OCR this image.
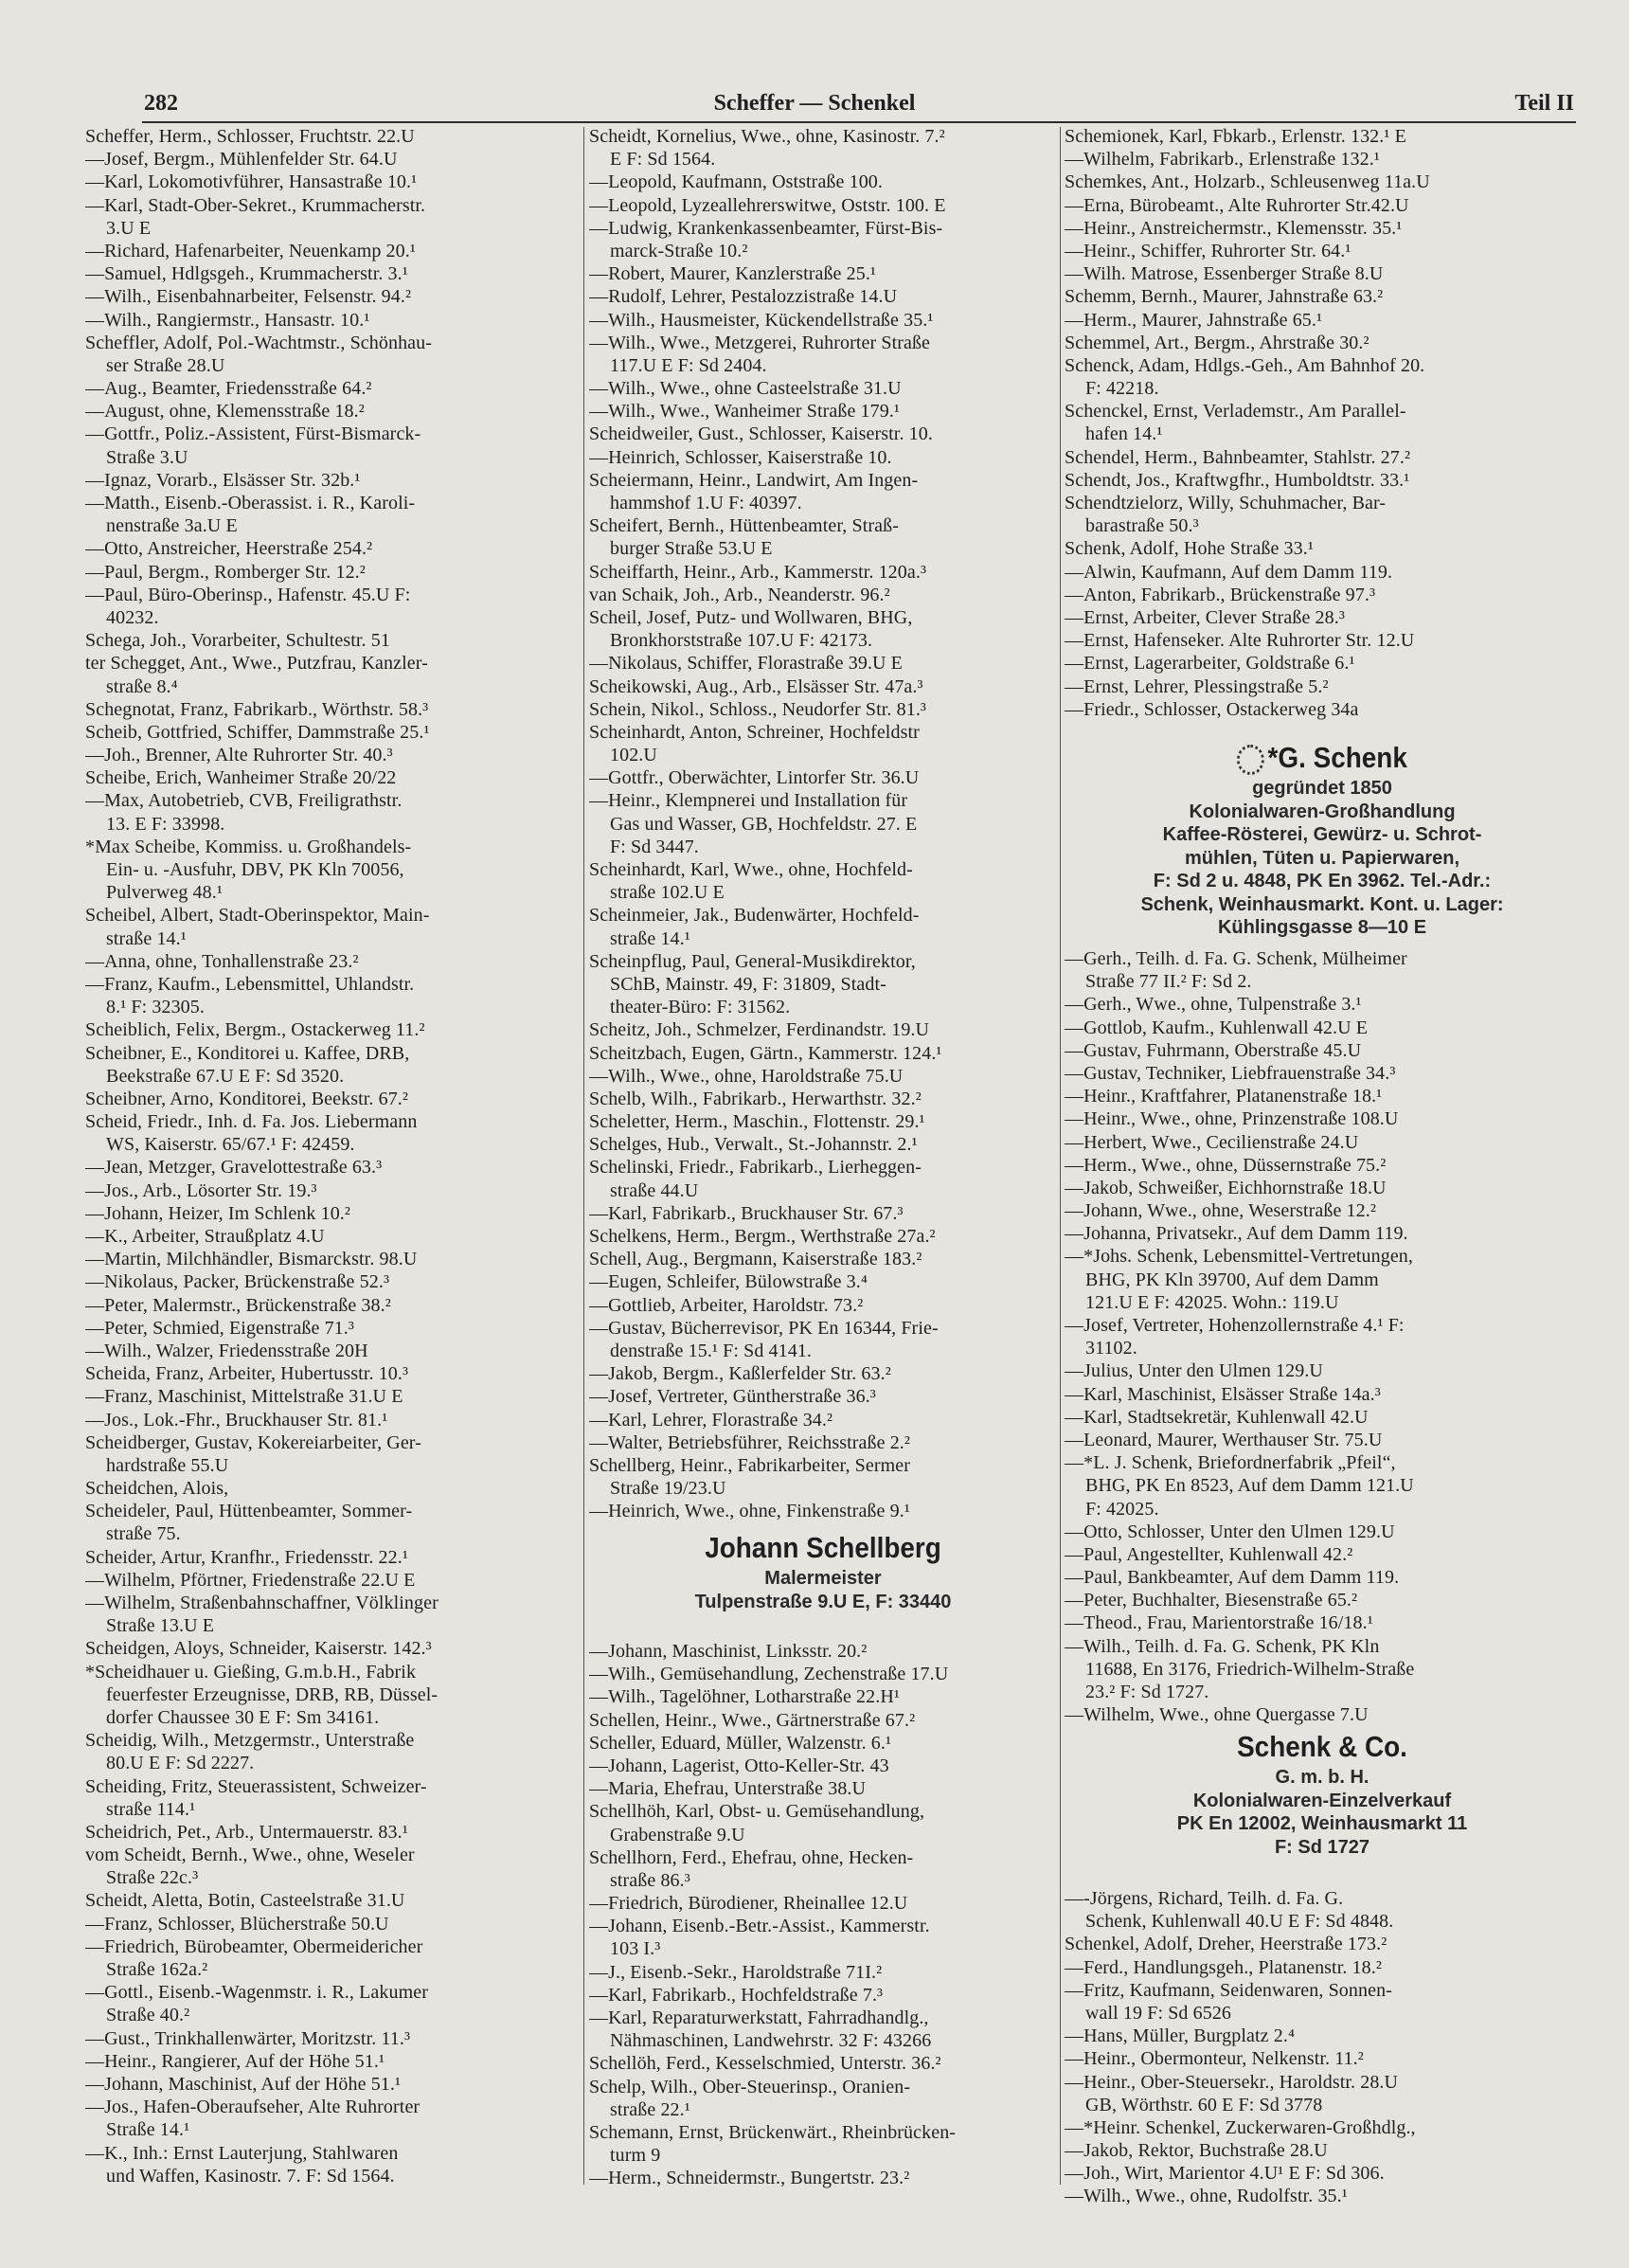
282	Scheffer — Schenkel	Teil II
Scheffer, Herm., Schlosser, Fruchtstr. 22.U
—Josef, Bergm., Mühlenfelder Str. 64.U
—Karl, Lokomotivführer, Hansastraße 10.¹
—Karl, Stadt-Ober-Sekret., Krummacherstr.
3.U E
—Richard, Hafenarbeiter, Neuenkamp 20.¹
—Samuel, Hdlgsgeh., Krummacherstr. 3.¹
—Wilh., Eisenbahnarbeiter, Felsenstr. 94.²
—Wilh., Rangiermstr., Hansastr. 10.¹
Scheffler, Adolf, Pol.-Wachtmstr., Schönhau-
ser Straße 28.U
—Aug., Beamter, Friedensstraße 64.²
—August, ohne, Klemensstraße 18.²
—Gottfr., Poliz.-Assistent, Fürst-Bismarck-
Straße 3.U
—Ignaz, Vorarb., Elsässer Str. 32b.¹
—Matth., Eisenb.-Oberassist. i. R., Karoli-
nenstraße 3a.U E
—Otto, Anstreicher, Heerstraße 254.²
—Paul, Bergm., Romberger Str. 12.²
—Paul, Büro-Oberinsp., Hafenstr. 45.U F:
40232.
Schega, Joh., Vorarbeiter, Schultestr. 51
ter Schegget, Ant., Wwe., Putzfrau, Kanzler-
straße 8.⁴
Schegnotat, Franz, Fabrikarb., Wörthstr. 58.³
Scheib, Gottfried, Schiffer, Dammstraße 25.¹
—Joh., Brenner, Alte Ruhrorter Str. 40.³
Scheibe, Erich, Wanheimer Straße 20/22
—Max, Autobetrieb, CVB, Freiligrathstr.
13. E F: 33998.
*Max Scheibe, Kommiss. u. Großhandels-
Ein- u. -Ausfuhr, DBV, PK Kln 70056,
Pulverweg 48.¹
Scheibel, Albert, Stadt-Oberinspektor, Main-
straße 14.¹
—Anna, ohne, Tonhallenstraße 23.²
—Franz, Kaufm., Lebensmittel, Uhlandstr.
8.¹ F: 32305.
Scheiblich, Felix, Bergm., Ostackerweg 11.²
Scheibner, E., Konditorei u. Kaffee, DRB,
Beekstraße 67.U E F: Sd 3520.
Scheibner, Arno, Konditorei, Beekstr. 67.²
Scheid, Friedr., Inh. d. Fa. Jos. Liebermann
WS, Kaiserstr. 65/67.¹ F: 42459.
—Jean, Metzger, Gravelottestraße 63.³
—Jos., Arb., Lösorter Str. 19.³
—Johann, Heizer, Im Schlenk 10.²
—K., Arbeiter, Straußplatz 4.U
—Martin, Milchhändler, Bismarckstr. 98.U
—Nikolaus, Packer, Brückenstraße 52.³
—Peter, Malermstr., Brückenstraße 38.²
—Peter, Schmied, Eigenstraße 71.³
—Wilh., Walzer, Friedensstraße 20H
Scheida, Franz, Arbeiter, Hubertusstr. 10.³
—Franz, Maschinist, Mittelstraße 31.U E
—Jos., Lok.-Fhr., Bruckhauser Str. 81.¹
Scheidberger, Gustav, Kokereiarbeiter, Ger-
hardstraße 55.U
Scheidchen, Alois,
Scheideler, Paul, Hüttenbeamter, Sommer-
straße 75.
Scheider, Artur, Kranfhr., Friedensstr. 22.¹
—Wilhelm, Pförtner, Friedenstraße 22.U E
—Wilhelm, Straßenbahnschaffner, Völklinger
Straße 13.U E
Scheidgen, Aloys, Schneider, Kaiserstr. 142.³
*Scheidhauer u. Gießing, G.m.b.H., Fabrik
feuerfester Erzeugnisse, DRB, RB, Düssel-
dorfer Chaussee 30 E F: Sm 34161.
Scheidig, Wilh., Metzgermstr., Unterstraße
80.U E F: Sd 2227.
Scheiding, Fritz, Steuerassistent, Schweizer-
straße 114.¹
Scheidrich, Pet., Arb., Untermauerstr. 83.¹
vom Scheidt, Bernh., Wwe., ohne, Weseler
Straße 22c.³
Scheidt, Aletta, Botin, Casteelstraße 31.U
—Franz, Schlosser, Blücherstraße 50.U
—Friedrich, Bürobeamter, Obermeidericher
Straße 162a.²
—Gottl., Eisenb.-Wagenmstr. i. R., Lakumer
Straße 40.²
—Gust., Trinkhallenwärter, Moritzstr. 11.³
—Heinr., Rangierer, Auf der Höhe 51.¹
—Johann, Maschinist, Auf der Höhe 51.¹
—Jos., Hafen-Oberaufseher, Alte Ruhrorter
Straße 14.¹
—K., Inh.: Ernst Lauterjung, Stahlwaren
und Waffen, Kasinostr. 7. F: Sd 1564.
Scheidt, Kornelius, Wwe., ohne, Kasinostr. 7.²
E F: Sd 1564.
—Leopold, Kaufmann, Oststraße 100.
—Leopold, Lyzeallehrerswitwe, Oststr. 100. E
—Ludwig, Krankenkassenbeamter, Fürst-Bis-
marck-Straße 10.²
—Robert, Maurer, Kanzlerstraße 25.¹
—Rudolf, Lehrer, Pestalozzistraße 14.U
—Wilh., Hausmeister, Kückendellstraße 35.¹
—Wilh., Wwe., Metzgerei, Ruhrorter Straße
117.U E F: Sd 2404.
—Wilh., Wwe., ohne Casteelstraße 31.U
—Wilh., Wwe., Wanheimer Straße 179.¹
Scheidweiler, Gust., Schlosser, Kaiserstr. 10.
—Heinrich, Schlosser, Kaiserstraße 10.
Scheiermann, Heinr., Landwirt, Am Ingen-
hammshof 1.U F: 40397.
Scheifert, Bernh., Hüttenbeamter, Straß-
burger Straße 53.U E
Scheiffarth, Heinr., Arb., Kammerstr. 120a.³
van Schaik, Joh., Arb., Neanderstr. 96.²
Scheil, Josef, Putz- und Wollwaren, BHG,
Bronkhorststraße 107.U F: 42173.
—Nikolaus, Schiffer, Florastraße 39.U E
Scheikowski, Aug., Arb., Elsässer Str. 47a.³
Schein, Nikol., Schloss., Neudorfer Str. 81.³
Scheinhardt, Anton, Schreiner, Hochfeldstr
102.U
—Gottfr., Oberwächter, Lintorfer Str. 36.U
—Heinr., Klempnerei und Installation für
Gas und Wasser, GB, Hochfeldstr. 27. E
F: Sd 3447.
Scheinhardt, Karl, Wwe., ohne, Hochfeld-
straße 102.U E
Scheinmeier, Jak., Budenwärter, Hochfeld-
straße 14.¹
Scheinpflug, Paul, General-Musikdirektor,
SChB, Mainstr. 49, F: 31809, Stadt-
theater-Büro: F: 31562.
Scheitz, Joh., Schmelzer, Ferdinandstr. 19.U
Scheitzbach, Eugen, Gärtn., Kammerstr. 124.¹
—Wilh., Wwe., ohne, Haroldstraße 75.U
Schelb, Wilh., Fabrikarb., Herwarthstr. 32.²
Scheletter, Herm., Maschin., Flottenstr. 29.¹
Schelges, Hub., Verwalt., St.-Johannstr. 2.¹
Schelinski, Friedr., Fabrikarb., Lierheggen-
straße 44.U
—Karl, Fabrikarb., Bruckhauser Str. 67.³
Schelkens, Herm., Bergm., Werthstraße 27a.²
Schell, Aug., Bergmann, Kaiserstraße 183.²
—Eugen, Schleifer, Bülowstraße 3.⁴
—Gottlieb, Arbeiter, Haroldstr. 73.²
—Gustav, Bücherrevisor, PK En 16344, Frie-
denstraße 15.¹ F: Sd 4141.
—Jakob, Bergm., Kaßlerfelder Str. 63.²
—Josef, Vertreter, Güntherstraße 36.³
—Karl, Lehrer, Florastraße 34.²
—Walter, Betriebsführer, Reichsstraße 2.²
Schellberg, Heinr., Fabrikarbeiter, Sermer
Straße 19/23.U
—Heinrich, Wwe., ohne, Finkenstraße 9.¹
Johann Schellberg
Malermeister
Tulpenstraße 9.U E, F: 33440
—Johann, Maschinist, Linksstr. 20.²
—Wilh., Gemüsehandlung, Zechenstraße 17.U
—Wilh., Tagelöhner, Lotharstraße 22.H¹
Schellen, Heinr., Wwe., Gärtnerstraße 67.²
Scheller, Eduard, Müller, Walzenstr. 6.¹
—Johann, Lagerist, Otto-Keller-Str. 43
—Maria, Ehefrau, Unterstraße 38.U
Schellhöh, Karl, Obst- u. Gemüsehandlung,
Grabenstraße 9.U
Schellhorn, Ferd., Ehefrau, ohne, Hecken-
straße 86.³
—Friedrich, Bürodiener, Rheinallee 12.U
—Johann, Eisenb.-Betr.-Assist., Kammerstr.
103 I.³
—J., Eisenb.-Sekr., Haroldstraße 71I.²
—Karl, Fabrikarb., Hochfeldstraße 7.³
—Karl, Reparaturwerkstatt, Fahrradhandlg.,
Nähmaschinen, Landwehrstr. 32 F: 43266
Schellöh, Ferd., Kesselschmied, Unterstr. 36.²
Schelp, Wilh., Ober-Steuerinsp., Oranien-
straße 22.¹
Schemann, Ernst, Brückenwärt., Rheinbrücken-
turm 9
—Herm., Schneidermstr., Bungertstr. 23.²
Schemionek, Karl, Fbkarb., Erlenstr. 132.¹ E
—Wilhelm, Fabrikarb., Erlenstraße 132.¹
Schemkes, Ant., Holzarb., Schleusenweg 11a.U
—Erna, Bürobeamt., Alte Ruhrorter Str.42.U
—Heinr., Anstreichermstr., Klemensstr. 35.¹
—Heinr., Schiffer, Ruhrorter Str. 64.¹
—Wilh. Matrose, Essenberger Straße 8.U
Schemm, Bernh., Maurer, Jahnstraße 63.²
—Herm., Maurer, Jahnstraße 65.¹
Schemmel, Art., Bergm., Ahrstraße 30.²
Schenck, Adam, Hdlgs.-Geh., Am Bahnhof 20.
F: 42218.
Schenckel, Ernst, Verlademstr., Am Parallel-
hafen 14.¹
Schendel, Herm., Bahnbeamter, Stahlstr. 27.²
Schendt, Jos., Kraftwgfhr., Humboldtstr. 33.¹
Schendtzielorz, Willy, Schuhmacher, Bar-
barastraße 50.³
Schenk, Adolf, Hohe Straße 33.¹
—Alwin, Kaufmann, Auf dem Damm 119.
—Anton, Fabrikarb., Brückenstraße 97.³
—Ernst, Arbeiter, Clever Straße 28.³
—Ernst, Hafenseker. Alte Ruhrorter Str. 12.U
—Ernst, Lagerarbeiter, Goldstraße 6.¹
—Ernst, Lehrer, Plessingstraße 5.²
—Friedr., Schlosser, Ostackerweg 34a
*G. Schenk
gegründet 1850
Kolonialwaren-Großhandlung
Kaffee-Rösterei, Gewürz- u. Schrot-
mühlen, Tüten u. Papierwaren,
F: Sd 2 u. 4848, PK En 3962. Tel.-Adr.:
Schenk, Weinhausmarkt. Kont. u. Lager:
Kühlingsgasse 8—10 E
—Gerh., Teilh. d. Fa. G. Schenk, Mülheimer
Straße 77 II.² F: Sd 2.
—Gerh., Wwe., ohne, Tulpenstraße 3.¹
—Gottlob, Kaufm., Kuhlenwall 42.U E
—Gustav, Fuhrmann, Oberstraße 45.U
—Gustav, Techniker, Liebfrauenstraße 34.³
—Heinr., Kraftfahrer, Platanenstraße 18.¹
—Heinr., Wwe., ohne, Prinzenstraße 108.U
—Herbert, Wwe., Cecilienstraße 24.U
—Herm., Wwe., ohne, Düssernstraße 75.²
—Jakob, Schweißer, Eichhornstraße 18.U
—Johann, Wwe., ohne, Weserstraße 12.²
—Johanna, Privatsekr., Auf dem Damm 119.
—*Johs. Schenk, Lebensmittel-Vertretungen,
BHG, PK Kln 39700, Auf dem Damm
121.U E F: 42025. Wohn.: 119.U
—Josef, Vertreter, Hohenzollernstraße 4.¹ F:
31102.
—Julius, Unter den Ulmen 129.U
—Karl, Maschinist, Elsässer Straße 14a.³
—Karl, Stadtsekretär, Kuhlenwall 42.U
—Leonard, Maurer, Werthauser Str. 75.U
—*L. J. Schenk, Briefordnerfabrik „Pfeil“,
BHG, PK En 8523, Auf dem Damm 121.U
F: 42025.
—Otto, Schlosser, Unter den Ulmen 129.U
—Paul, Angestellter, Kuhlenwall 42.²
—Paul, Bankbeamter, Auf dem Damm 119.
—Peter, Buchhalter, Biesenstraße 65.²
—Theod., Frau, Marientorstraße 16/18.¹
—Wilh., Teilh. d. Fa. G. Schenk, PK Kln
11688, En 3176, Friedrich-Wilhelm-Straße
23.² F: Sd 1727.
—Wilhelm, Wwe., ohne Quergasse 7.U
Schenk & Co.
G. m. b. H.
Kolonialwaren-Einzelverkauf
PK En 12002, Weinhausmarkt 11
F: Sd 1727
—-Jörgens, Richard, Teilh. d. Fa. G.
Schenk, Kuhlenwall 40.U E F: Sd 4848.
Schenkel, Adolf, Dreher, Heerstraße 173.²
—Ferd., Handlungsgeh., Platanenstr. 18.²
—Fritz, Kaufmann, Seidenwaren, Sonnen-
wall 19 F: Sd 6526
—Hans, Müller, Burgplatz 2.⁴
—Heinr., Obermonteur, Nelkenstr. 11.²
—Heinr., Ober-Steuersekr., Haroldstr. 28.U
GB, Wörthstr. 60 E F: Sd 3778
—*Heinr. Schenkel, Zuckerwaren-Großhdlg.,
—Jakob, Rektor, Buchstraße 28.U
—Joh., Wirt, Marientor 4.U¹ E F: Sd 306.
—Wilh., Wwe., ohne, Rudolfstr. 35.¹
